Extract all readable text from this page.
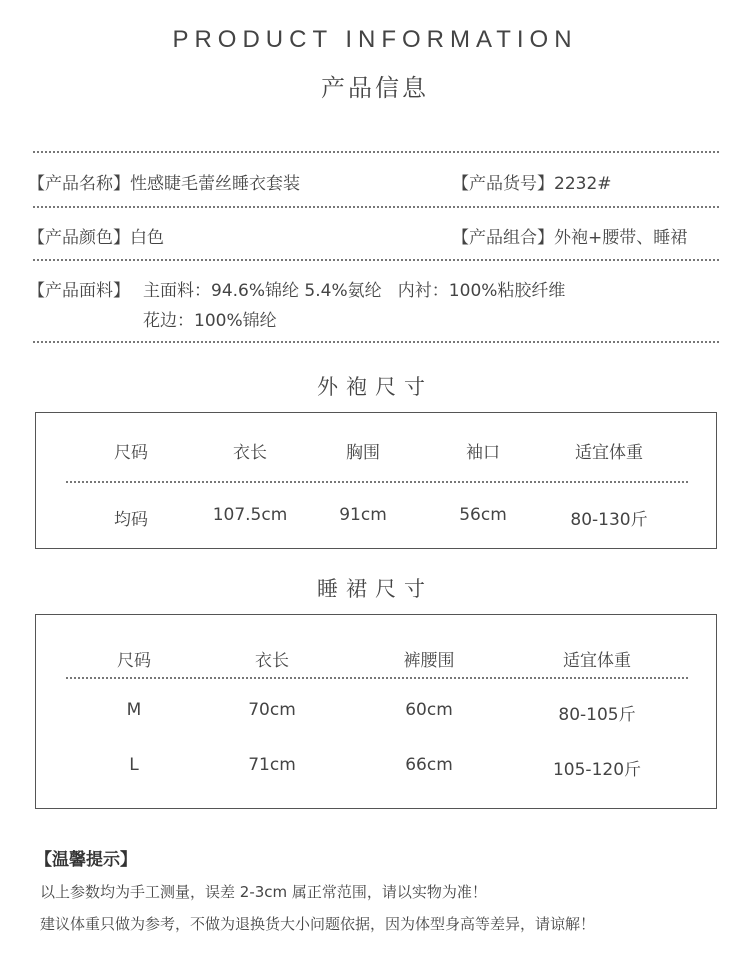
PRODUCT INFORMATION
产品信息
【产品名称】性感睫毛蕾丝睡衣套装	【产品货号】2232#
【产品颜色】白色	【产品组合】外袍+腰带、睡裙
【产品面料】 主面料：94.6%锦纶 5.4%氨纶   内衬：100%粘胶纤维
花边：100%锦纶
外袍尺寸
尺码	衣长	胸围	袖口	适宜体重
均码	107.5cm	91cm	56cm	80-130斤
睡裙尺寸
尺码	衣长	裤腰围	适宜体重
M	70cm	60cm	80-105斤
L	71cm	66cm	105-120斤
【温馨提示】
以上参数均为手工测量，误差 2-3cm 属正常范围，请以实物为准！
建议体重只做为参考，不做为退换货大小问题依据，因为体型身高等差异，请谅解！
